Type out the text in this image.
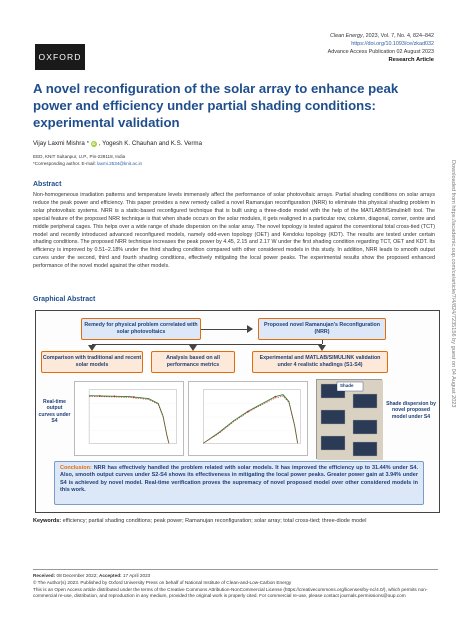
OXFORD
Clean Energy, 2023, Vol. 7, No. 4, 824–842
https://doi.org/10.1093/ce/zkad032
Advance Access Publication 02 August 2023
Research Article
A novel reconfiguration of the solar array to enhance peak power and efficiency under partial shading conditions: experimental validation
Vijay Laxmi Mishra * iD , Yogesh K. Chauhan and K.S. Verma
EED, KNIT Sultanpur, U.P., Pin-228118, India
*Corresponding author. E-mail: laxmi.2534@knit.ac.in
Abstract

Non-homogeneous irradiation patterns and temperature levels immensely affect the performance of solar photovoltaic arrays. Partial shading conditions on solar arrays reduce the peak power and efficiency. This paper provides a new remedy called a novel Ramanujan reconfiguration (NRR) to eliminate this physical shading problem in solar photovoltaic systems. NRR is a static-based reconfigured technique that is built using a three-diode model with the help of the MATLAB®/Simulink® tool. The special feature of the proposed NRR technique is that when shade occurs on the solar modules, it gets realigned in a particular row, column, diagonal, corner, centre and middle peripheral cages. This helps over a wide range of shade dispersion on the solar array. The novel topology is tested against the conventional total cross-tied (TCT) model and recently introduced advanced reconfigured models, namely odd-even topology (OET) and Kendoku topology (KDT). The results are tested under certain shading conditions. The proposed NRR technique increases the peak power by 4.45, 2.15 and 2.17 W under the first shading condition regarding TCT, OET and KDT. Its efficiency is improved by 0.51–2.18% under the third shading condition compared with other considered models in this study. In addition, NRR leads to smooth output curves under the second, third and fourth shading conditions, effectively mitigating the local power peaks. The experimental results show the proposed enhanced performance of the novel model against the other models.

Graphical Abstract
Remedy for physical problem correlated with solar photovoltaics
Proposed novel Ramanujan's Reconfiguration (NRR)
Comparison with traditional and recent solar models
Analysis based on all performance metrics
Experimental and MATLAB/SIMULINK validation under 4 realistic shadings (S1-S4)
Real-time output curves under S4
Shade
Shade dispersion by novel proposed model under S4
Conclusion: NRR has effectively handled the problem related with solar models. It has improved the efficiency up to 31.44% under S4. Also, smooth output curves under S2-S4 shows its effectiveness in mitigating the local power peaks. Greater power gain at 3.94% under S4 is achieved by novel model. Real-time verification proves the supremacy of novel proposed model over other considered models in this work.

Keywords: efficiency; partial shading conditions; peak power; Ramanujan reconfiguration; solar array; total cross-tied; three-diode model

Received: 08 December 2022; Accepted: 17 April 2023

© The Author(s) 2023. Published by Oxford University Press on behalf of National Institute of Clean-and-Low-Carbon Energy

This is an Open Access article distributed under the terms of the Creative Commons Attribution-NonCommercial License (https://creativecommons.org/licenses/by-nc/4.0/), which permits non-commercial re-use, distribution, and reproduction in any medium, provided the original work is properly cited. For commercial re-use, please contact journals.permissions@oup.com

Downloaded from https://academic.oup.com/ce/article/7/4/824/7235156 by guest on 04 August 2023
